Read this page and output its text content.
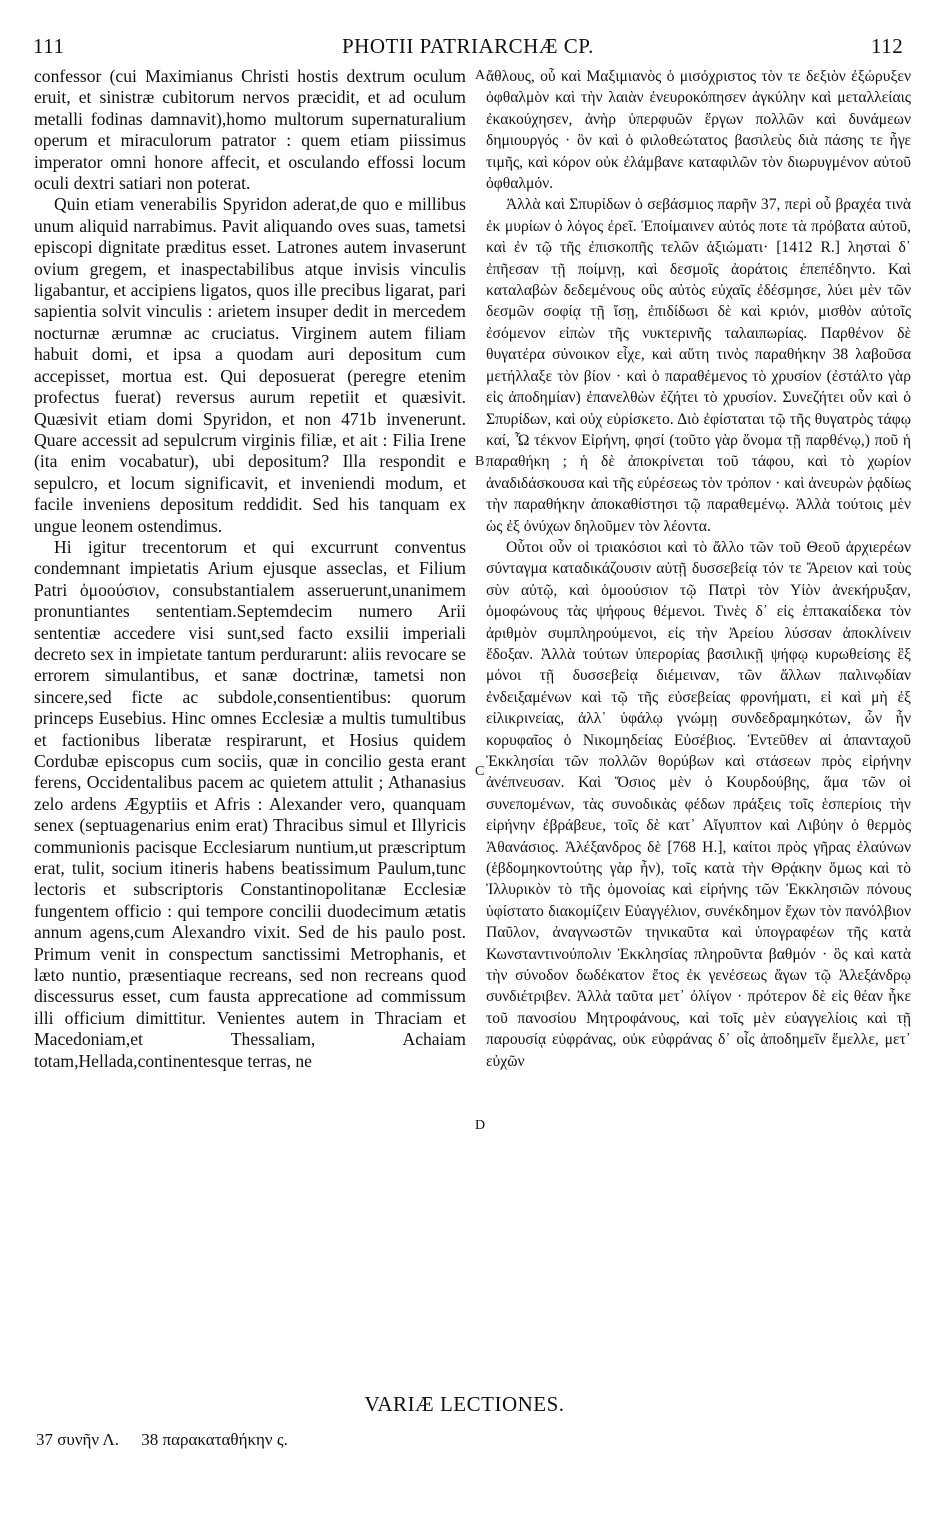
111	PHOTII PATRIARCHÆ CP.	112

confessor (cui Maximianus Christi hostis dextrum oculum eruit, et sinistræ cubitorum nervos præcidit, et ad oculum metalli fodinas damnavit),homo multorum supernaturalium operum et miraculorum patrator : quem etiam piissimus imperator omni honore affecit, et osculando effossi locum oculi dextri satiari non poterat.

Quin etiam venerabilis Spyridon aderat,de quo e millibus unum aliquid narrabimus. Pavit aliquando oves suas, tametsi episcopi dignitate præditus esset. Latrones autem invaserunt ovium gregem, et inaspectabilibus atque invisis vinculis ligabantur, et accipiens ligatos, quos ille precibus ligarat, pari sapientia solvit vinculis : arietem insuper dedit in mercedem nocturnæ ærumnæ ac cruciatus. Virginem autem filiam habuit domi, et ipsa a quodam auri depositum cum accepisset, mortua est. Qui deposuerat (peregre etenim profectus fuerat) reversus aurum repetiit et quæsivit. Quæsivit etiam domi Spyridon, et non 471b invenerunt. Quare accessit ad sepulcrum virginis filiæ, et ait : Filia Irene (ita enim vocabatur), ubi depositum? Illa respondit e sepulcro, et locum significavit, et inveniendi modum, et facile inveniens depositum reddidit. Sed his tanquam ex ungue leonem ostendimus.

Hi igitur trecentorum et qui excurrunt conventus condemnant impietatis Arium ejusque asseclas, et Filium Patri ὁμοούσιον, consubstantialem asseruerunt,unanimem pronuntiantes sententiam.Septemdecim numero Arii sententiæ accedere visi sunt,sed facto exsilii imperiali decreto sex in impietate tantum perdurarunt: aliis revocare se errorem simulantibus, et sanæ doctrinæ, tametsi non sincere,sed ficte ac subdole,consentientibus: quorum princeps Eusebius. Hinc omnes Ecclesiæ a multis tumultibus et factionibus liberatæ respirarunt, et Hosius quidem Cordubæ episcopus cum sociis, quæ in concilio gesta erant ferens, Occidentalibus pacem ac quietem attulit ; Athanasius zelo ardens Ægyptiis et Afris : Alexander vero, quanquam senex (septuagenarius enim erat) Thracibus simul et Illyricis communionis pacisque Ecclesiarum nuntium,ut præscriptum erat, tulit, socium itineris habens beatissimum Paulum,tunc lectoris et subscriptoris Constantinopolitanæ Ecclesiæ fungentem officio : qui tempore concilii duodecimum ætatis annum agens,cum Alexandro vixit. Sed de his paulo post. Primum venit in conspectum sanctissimi Metrophanis, et læto nuntio, præsentiaque recreans, sed non recreans quod discessurus esset, cum fausta apprecatione ad commissum illi officium dimittitur. Venientes autem in Thraciam et Macedoniam,et Thessaliam, Achaiam totam,Hellada,continentesque terras, ne

A
B
C
D

ἄθλους, οὗ καὶ Μαξιμιανὸς ὁ μισόχριστος τὸν τε δεξιὸν ἐξώρυξεν ὀφθαλμὸν καὶ τὴν λαιὰν ἐνευροκόπησεν ἀγκύλην καὶ μεταλλείαις ἐκακούχησεν, ἀνὴρ ὑπερφυῶν ἔργων πολλῶν καὶ δυνάμεων δημιουργός · ὃν καὶ ὁ φιλοθεώτατος βασιλεὺς διὰ πάσης τε ἦγε τιμῆς, καὶ κόρον οὐκ ἐλάμβανε καταφιλῶν τὸν διωρυγμένον αὐτοῦ ὀφθαλμόν.

Ἀλλὰ καὶ Σπυρίδων ὁ σεβάσμιος παρῆν 37, περὶ οὗ βραχέα τινὰ ἐκ μυρίων ὁ λόγος ἐρεῖ. Ἐποίμαινεν αὐτός ποτε τὰ πρόβατα αὐτοῦ, καὶ ἐν τῷ τῆς ἐπισκοπῆς τελῶν ἀξιώματι· [1412 R.] λησταὶ δ᾽ ἐπῆεσαν τῇ ποίμνῃ, καὶ δεσμοῖς ἀοράτοις ἐπεπέδηντο. Καὶ καταλαβὼν δεδεμένους οὓς αὐτὸς εὐχαῖς ἐδέσμησε, λύει μὲν τῶν δεσμῶν σοφίᾳ τῇ ἴσῃ, ἐπιδίδωσι δὲ καὶ κριόν, μισθὸν αὐτοῖς ἐσόμενον εἰπὼν τῆς νυκτερινῆς ταλαιπωρίας. Παρθένον δὲ θυγατέρα σύνοικον εἶχε, καὶ αὕτη τινὸς παραθήκην 38 λαβοῦσα μετήλλαξε τὸν βίον · καὶ ὁ παραθέμενος τὸ χρυσίον (ἐστάλτο γὰρ εἰς ἀποδημίαν) ἐπανελθὼν ἐζήτει τὸ χρυσίον. Συνεζήτει οὖν καὶ ὁ Σπυρίδων, καὶ οὐχ εὑρίσκετο. Διὸ ἐφίσταται τῷ τῆς θυγατρὸς τάφῳ καί, Ὦ τέκνον Εἰρήνη, φησί (τοῦτο γὰρ ὄνομα τῇ παρθένῳ,) ποῦ ἡ παραθήκη ; ἡ δὲ ἀποκρίνεται τοῦ τάφου, καὶ τὸ χωρίον ἀναδιδάσκουσα καὶ τῆς εὑρέσεως τὸν τρόπον · καὶ ἀνευρὼν ῥᾳδίως τὴν παραθήκην ἀποκαθίστησι τῷ παραθεμένῳ. Ἀλλὰ τούτοις μὲν ὡς ἐξ ὀνύχων δηλοῦμεν τὸν λέοντα.

Οὗτοι οὖν οἱ τριακόσιοι καὶ τὸ ἄλλο τῶν τοῦ Θεοῦ ἀρχιερέων σύνταγμα καταδικάζουσιν αὐτῇ δυσσεβείᾳ τόν τε Ἄρειον καὶ τοὺς σὺν αὐτῷ, καὶ ὁμοούσιον τῷ Πατρὶ τὸν Υἱὸν ἀνεκήρυξαν, ὁμοφώνους τὰς ψήφους θέμενοι. Τινὲς δ᾽ εἰς ἑπτακαίδεκα τὸν ἀριθμὸν συμπληρούμενοι, εἰς τὴν Ἀρείου λύσσαν ἀποκλίνειν ἔδοξαν. Ἀλλὰ τούτων ὑπερορίας βασιλικῇ ψήφῳ κυρωθείσης ἓξ μόνοι τῇ δυσσεβείᾳ διέμειναν, τῶν ἄλλων παλινῳδίαν ἐνδειξαμένων καὶ τῷ τῆς εὐσεβείας φρονήματι, εἰ καὶ μὴ ἐξ εἰλικρινείας, ἀλλ᾽ ὑφάλῳ γνώμῃ συνδεδραμηκότων, ὧν ἦν κορυφαῖος ὁ Νικομηδείας Εὐσέβιος. Ἐντεῦθεν αἱ ἁπανταχοῦ Ἐκκλησίαι τῶν πολλῶν θορύβων καὶ στάσεων πρὸς εἰρήνην ἀνέπνευσαν. Καὶ Ὅσιος μὲν ὁ Κουρδούβης, ἅμα τῶν οἱ συνεπομένων, τὰς συνοδικὰς φέδων πράξεις τοῖς ἑσπερίοις τὴν εἰρήνην ἐβράβευε, τοῖς δὲ κατ᾽ Αἴγυπτον καὶ Λιβύην ὁ θερμὸς Ἀθανάσιος. Ἀλέξανδρος δὲ [768 H.], καίτοι πρὸς γῆρας ἐλαύνων (ἑβδομηκοντούτης γὰρ ἦν), τοῖς κατὰ τὴν Θρᾴκην ὅμως καὶ τὸ Ἰλλυρικὸν τὸ τῆς ὁμονοίας καὶ εἰρήνης τῶν Ἐκκλησιῶν πόνους ὑφίστατο διακομίζειν Εὐαγγέλιον, συνέκδημον ἔχων τὸν πανόλβιον Παῦλον, ἀναγνωστῶν τηνικαῦτα καὶ ὑπογραφέων τῆς κατὰ Κωνσταντινούπολιν Ἐκκλησίας πληροῦντα βαθμόν · ὃς καὶ κατὰ τὴν σύνοδον δωδέκατον ἔτος ἐκ γενέσεως ἄγων τῷ Ἀλεξάνδρῳ συνδιέτριβεν. Ἀλλὰ ταῦτα μετ᾽ ὀλίγον · πρότερον δὲ εἰς θέαν ἧκε τοῦ πανοσίου Μητροφάνους, καὶ τοῖς μὲν εὐαγγελίοις καὶ τῇ παρουσίᾳ εὐφράνας, οὐκ εὐφράνας δ᾽ οἷς ἀποδημεῖν ἔμελλε, μετ᾽ εὐχῶν

VARIÆ LECTIONES.
37 συνῆν Λ. 38 παρακαταθήκην ς.
